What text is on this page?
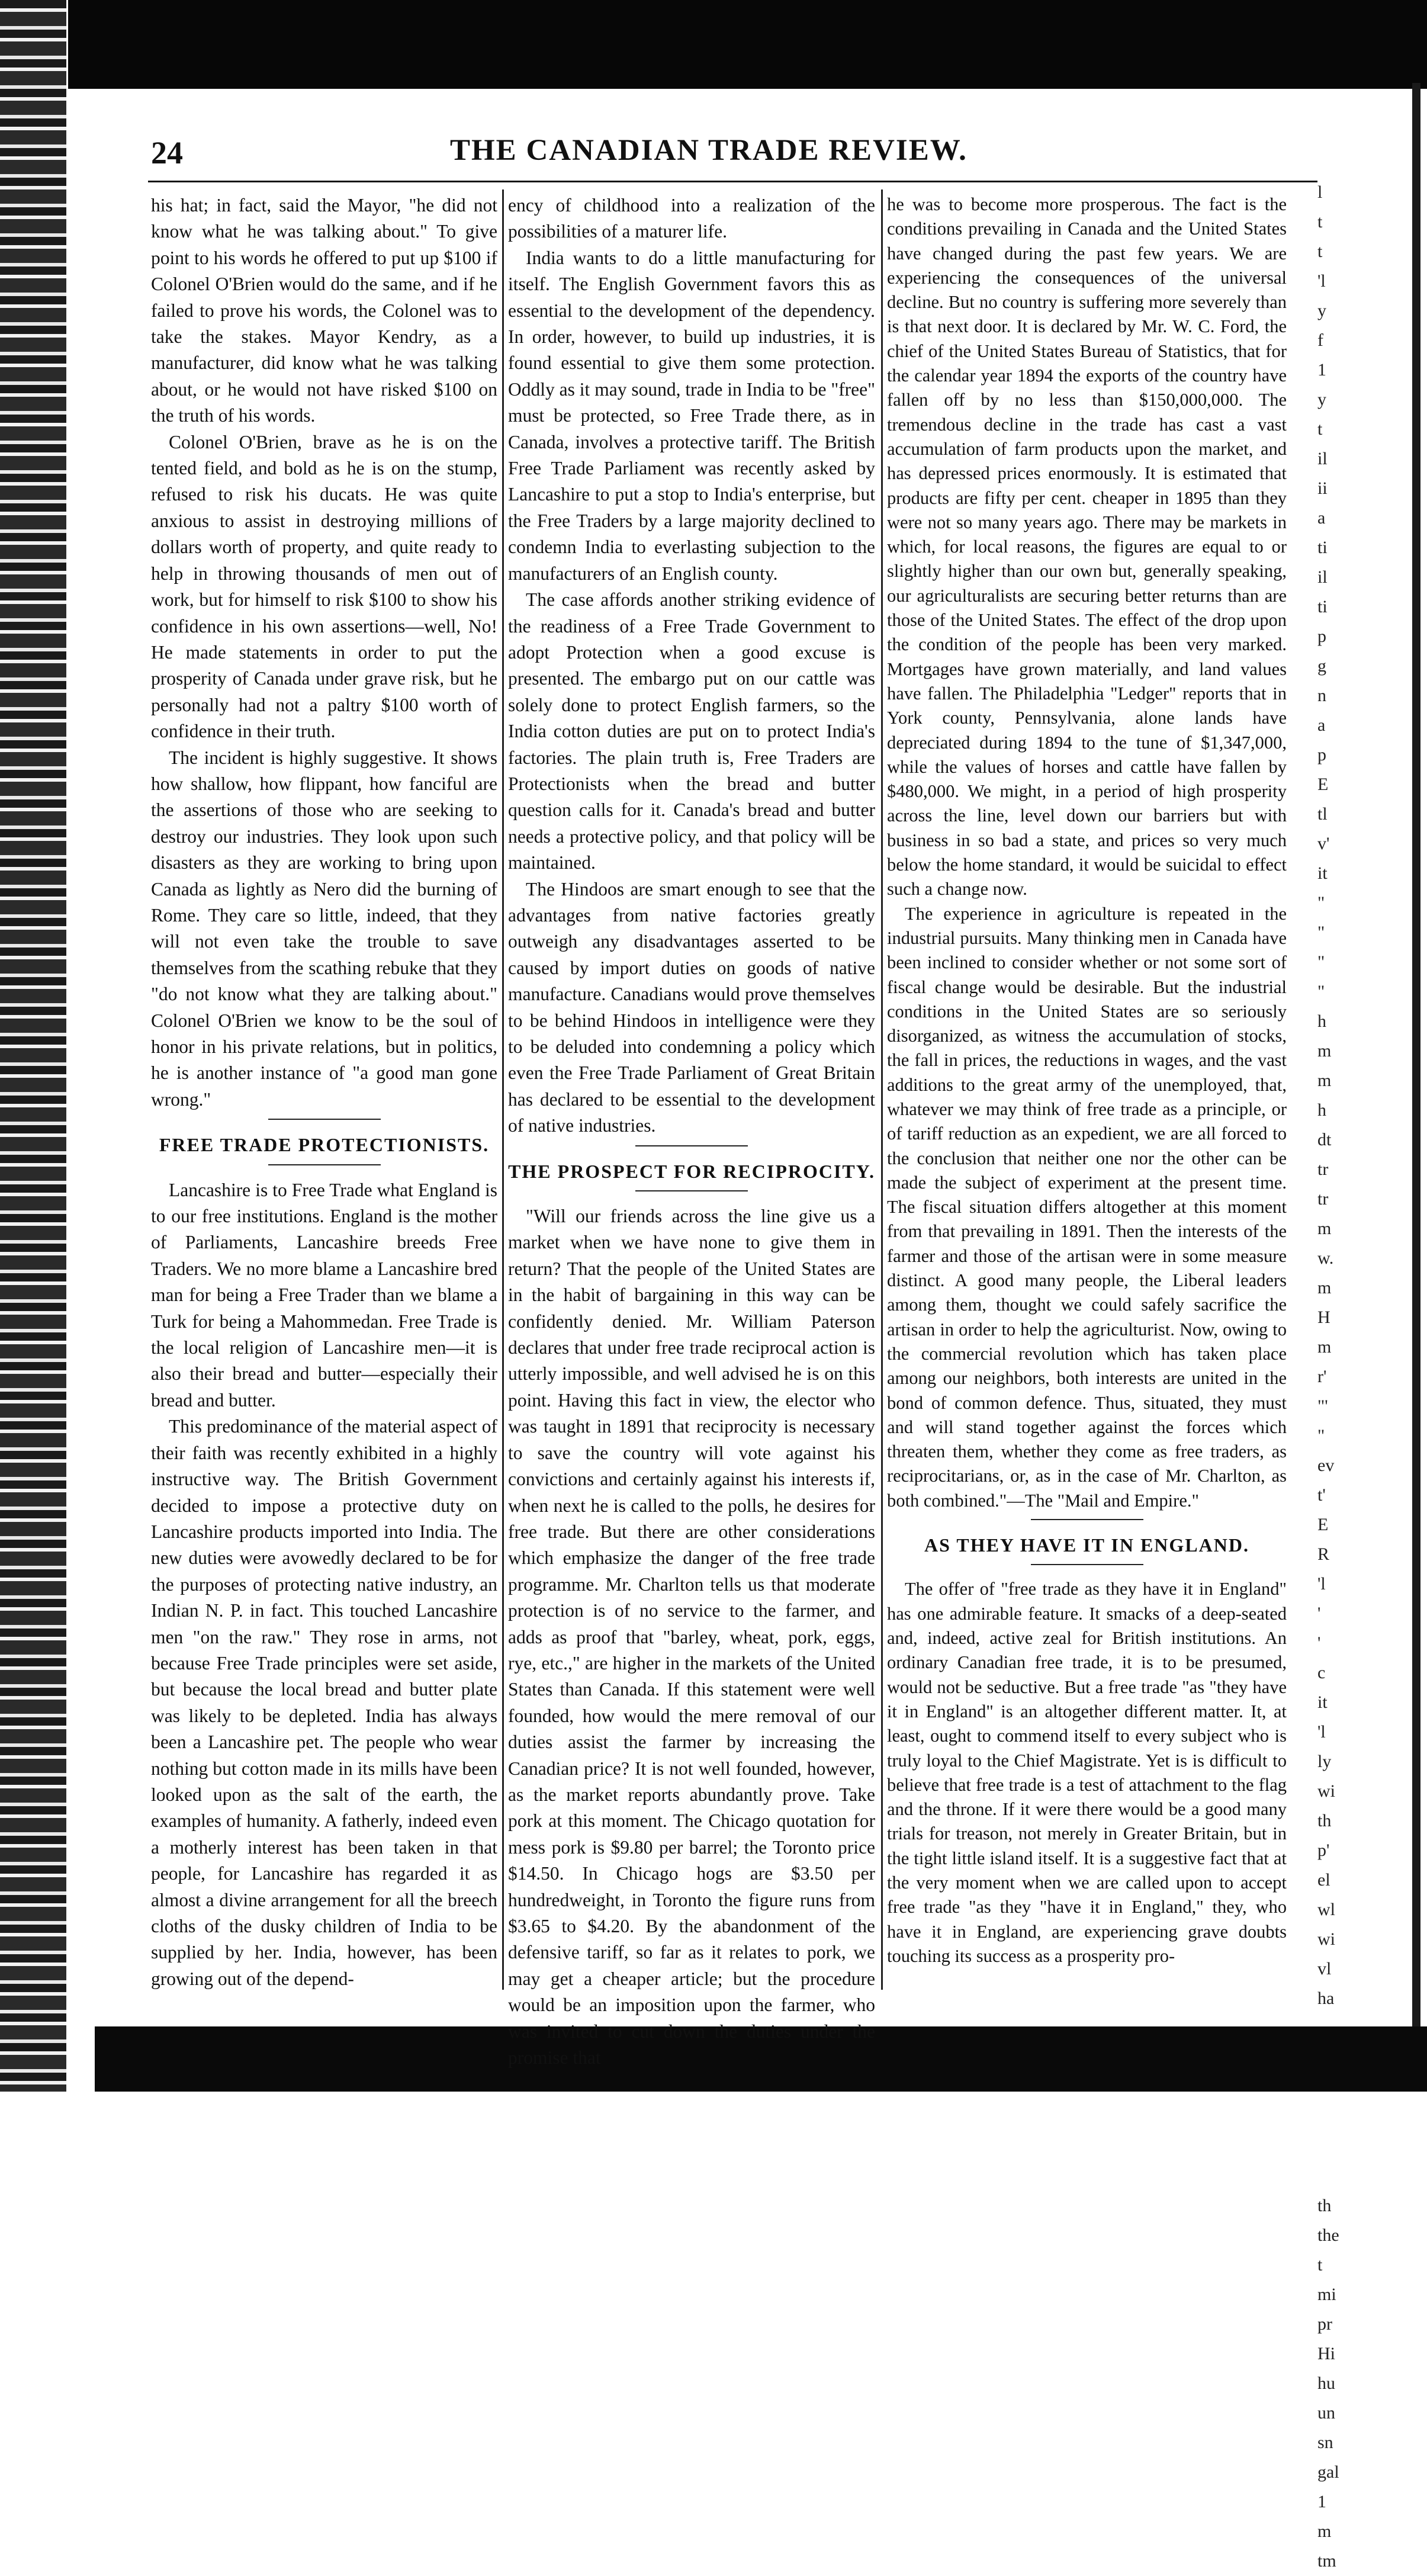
24	THE CANADIAN TRADE REVIEW.

his hat; in fact, said the Mayor, "he did not know what he was talking about." To give point to his words he offered to put up $100 if Colonel O'Brien would do the same, and if he failed to prove his words, the Colonel was to take the stakes. Mayor Kendry, as a manufacturer, did know what he was talking about, or he would not have risked $100 on the truth of his words.

Colonel O'Brien, brave as he is on the tented field, and bold as he is on the stump, refused to risk his ducats. He was quite anxious to assist in destroying millions of dollars worth of property, and quite ready to help in throwing thousands of men out of work, but for himself to risk $100 to show his confidence in his own assertions—well, No! He made statements in order to put the prosperity of Canada under grave risk, but he personally had not a paltry $100 worth of confidence in their truth.

The incident is highly suggestive. It shows how shallow, how flippant, how fanciful are the assertions of those who are seeking to destroy our industries. They look upon such disasters as they are working to bring upon Canada as lightly as Nero did the burning of Rome. They care so little, indeed, that they will not even take the trouble to save themselves from the scathing rebuke that they "do not know what they are talking about." Colonel O'Brien we know to be the soul of honor in his private relations, but in politics, he is another instance of "a good man gone wrong."

FREE TRADE PROTECTIONISTS.

Lancashire is to Free Trade what England is to our free institutions. England is the mother of Parliaments, Lancashire breeds Free Traders. We no more blame a Lancashire bred man for being a Free Trader than we blame a Turk for being a Mahommedan. Free Trade is the local religion of Lancashire men—it is also their bread and butter—especially their bread and butter.

This predominance of the material aspect of their faith was recently exhibited in a highly instructive way. The British Government decided to impose a protective duty on Lancashire products imported into India. The new duties were avowedly declared to be for the purposes of protecting native industry, an Indian N. P. in fact. This touched Lancashire men "on the raw." They rose in arms, not because Free Trade principles were set aside, but because the local bread and butter plate was likely to be depleted. India has always been a Lancashire pet. The people who wear nothing but cotton made in its mills have been looked upon as the salt of the earth, the examples of humanity. A fatherly, indeed even a motherly interest has been taken in that people, for Lancashire has regarded it as almost a divine arrangement for all the breech cloths of the dusky children of India to be supplied by her. India, however, has been growing out of the depend-

ency of childhood into a realization of the possibilities of a maturer life.

India wants to do a little manufacturing for itself. The English Government favors this as essential to the development of the dependency. In order, however, to build up industries, it is found essential to give them some protection. Oddly as it may sound, trade in India to be "free" must be protected, so Free Trade there, as in Canada, involves a protective tariff. The British Free Trade Parliament was recently asked by Lancashire to put a stop to India's enterprise, but the Free Traders by a large majority declined to condemn India to everlasting subjection to the manufacturers of an English county.

The case affords another striking evidence of the readiness of a Free Trade Government to adopt Protection when a good excuse is presented. The embargo put on our cattle was solely done to protect English farmers, so the India cotton duties are put on to protect India's factories. The plain truth is, Free Traders are Protectionists when the bread and butter question calls for it. Canada's bread and butter needs a protective policy, and that policy will be maintained.

The Hindoos are smart enough to see that the advantages from native factories greatly outweigh any disadvantages asserted to be caused by import duties on goods of native manufacture. Canadians would prove themselves to be behind Hindoos in intelligence were they to be deluded into condemning a policy which even the Free Trade Parliament of Great Britain has declared to be essential to the development of native industries.

THE PROSPECT FOR RECIPROCITY.

"Will our friends across the line give us a market when we have none to give them in return? That the people of the United States are in the habit of bargaining in this way can be confidently denied. Mr. William Paterson declares that under free trade reciprocal action is utterly impossible, and well advised he is on this point. Having this fact in view, the elector who was taught in 1891 that reciprocity is necessary to save the country will vote against his convictions and certainly against his interests if, when next he is called to the polls, he desires for free trade. But there are other considerations which emphasize the danger of the free trade programme. Mr. Charlton tells us that moderate protection is of no service to the farmer, and adds as proof that "barley, wheat, pork, eggs, rye, etc.," are higher in the markets of the United States than Canada. If this statement were well founded, how would the mere removal of our duties assist the farmer by increasing the Canadian price? It is not well founded, however, as the market reports abundantly prove. Take pork at this moment. The Chicago quotation for mess pork is $9.80 per barrel; the Toronto price $14.50. In Chicago hogs are $3.50 per hundredweight, in Toronto the figure runs from $3.65 to $4.20. By the abandonment of the defensive tariff, so far as it relates to pork, we may get a cheaper article; but the procedure would be an imposition upon the farmer, who was invited to cut down the duties under the promise that

he was to become more prosperous. The fact is the conditions prevailing in Canada and the United States have changed during the past few years. We are experiencing the consequences of the universal decline. But no country is suffering more severely than is that next door. It is declared by Mr. W. C. Ford, the chief of the United States Bureau of Statistics, that for the calendar year 1894 the exports of the country have fallen off by no less than $150,000,000. The tremendous decline in the trade has cast a vast accumulation of farm products upon the market, and has depressed prices enormously. It is estimated that products are fifty per cent. cheaper in 1895 than they were not so many years ago. There may be markets in which, for local reasons, the figures are equal to or slightly higher than our own but, generally speaking, our agriculturalists are securing better returns than are those of the United States. The effect of the drop upon the condition of the people has been very marked. Mortgages have grown materially, and land values have fallen. The Philadelphia "Ledger" reports that in York county, Pennsylvania, alone lands have depreciated during 1894 to the tune of $1,347,000, while the values of horses and cattle have fallen by $480,000. We might, in a period of high prosperity across the line, level down our barriers but with business in so bad a state, and prices so very much below the home standard, it would be suicidal to effect such a change now.

The experience in agriculture is repeated in the industrial pursuits. Many thinking men in Canada have been inclined to consider whether or not some sort of fiscal change would be desirable. But the industrial conditions in the United States are so seriously disorganized, as witness the accumulation of stocks, the fall in prices, the reductions in wages, and the vast additions to the great army of the unemployed, that, whatever we may think of free trade as a principle, or of tariff reduction as an expedient, we are all forced to the conclusion that neither one nor the other can be made the subject of experiment at the present time. The fiscal situation differs altogether at this moment from that prevailing in 1891. Then the interests of the farmer and those of the artisan were in some measure distinct. A good many people, the Liberal leaders among them, thought we could safely sacrifice the artisan in order to help the agriculturist. Now, owing to the commercial revolution which has taken place among our neighbors, both interests are united in the bond of common defence. Thus, situated, they must and will stand together against the forces which threaten them, whether they come as free traders, as reciprocitarians, or, as in the case of Mr. Charlton, as both combined."—The "Mail and Empire."

AS THEY HAVE IT IN ENGLAND.

The offer of "free trade as they have it in England" has one admirable feature. It smacks of a deep-seated and, indeed, active zeal for British institutions. An ordinary Canadian free trade, it is to be presumed, would not be seductive. But a free trade "as "they have it in England" is an altogether different matter. It, at least, ought to commend itself to every subject who is truly loyal to the Chief Magistrate. Yet is is difficult to believe that free trade is a test of attachment to the flag and the throne. If it were there would be a good many trials for treason, not merely in Greater Britain, but in the tight little island itself. It is a suggestive fact that at the very moment when we are called upon to accept free trade "as they "have it in England," they, who have it in England, are experiencing grave doubts touching its success as a prosperity pro-

l
t
t
'l
y
f
1
y
t
il
ii
a
ti
il
ti
p
g
n
a
p
E
tl
v'
it
"
"
"
"
h
m
m
h
dt
tr
tr
m
w.
m
H
m
r'
"'
"
ev
t'
E
R
'l
'
'
c
it
'l
ly
wi
th
p'
el
wl
wi
vl
ha
th
the
t
mi
pr
Hi
hu
un
sn
gal
1
m
tm
